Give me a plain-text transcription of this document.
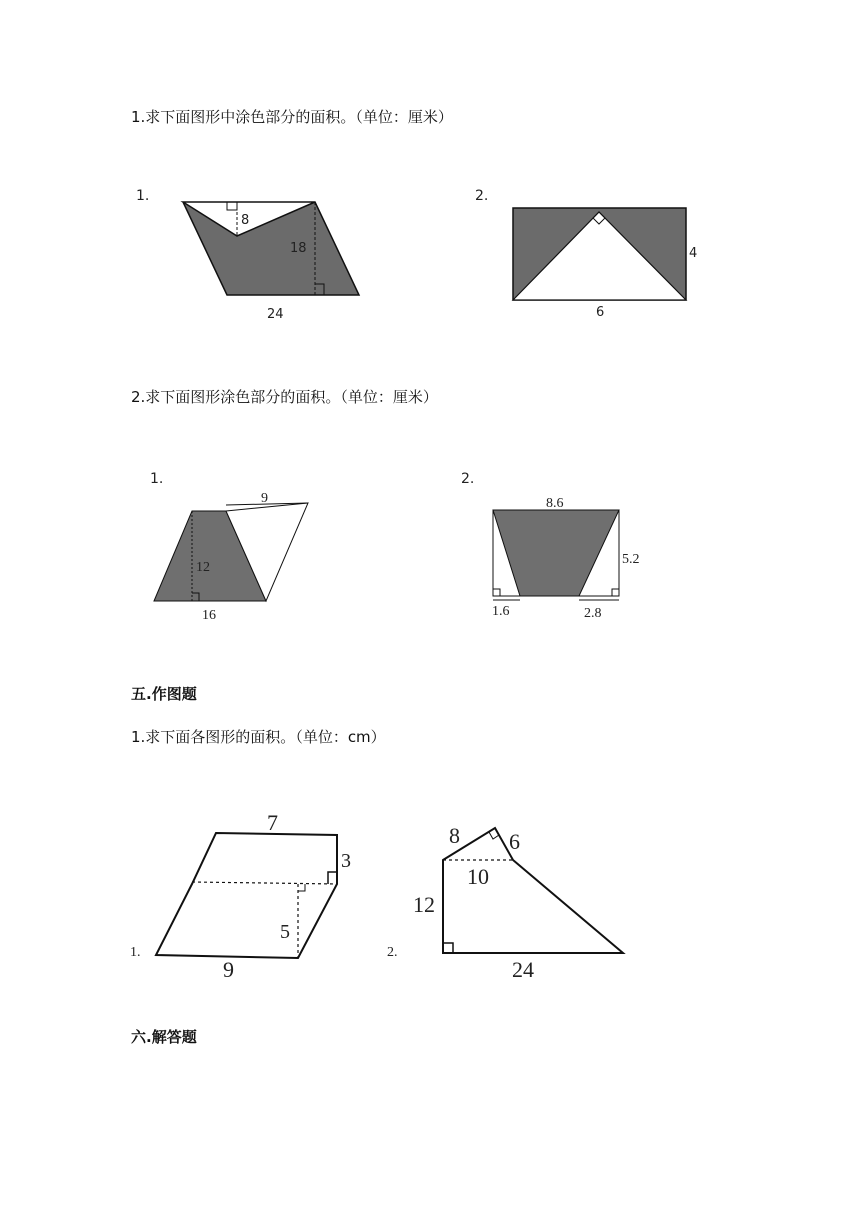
1.求下面图形中涂色部分的面积。（单位：厘米）
1.
8
18
24
2.
4
6
2.求下面图形涂色部分的面积。（单位：厘米）
1.
9
12
16
2.
8.6
5.2
1.6	2.8
五.作图题
1.求下面各图形的面积。（单位：cm）
1.
7
3
5
9
2.
8 6
10
12
24
六.解答题
